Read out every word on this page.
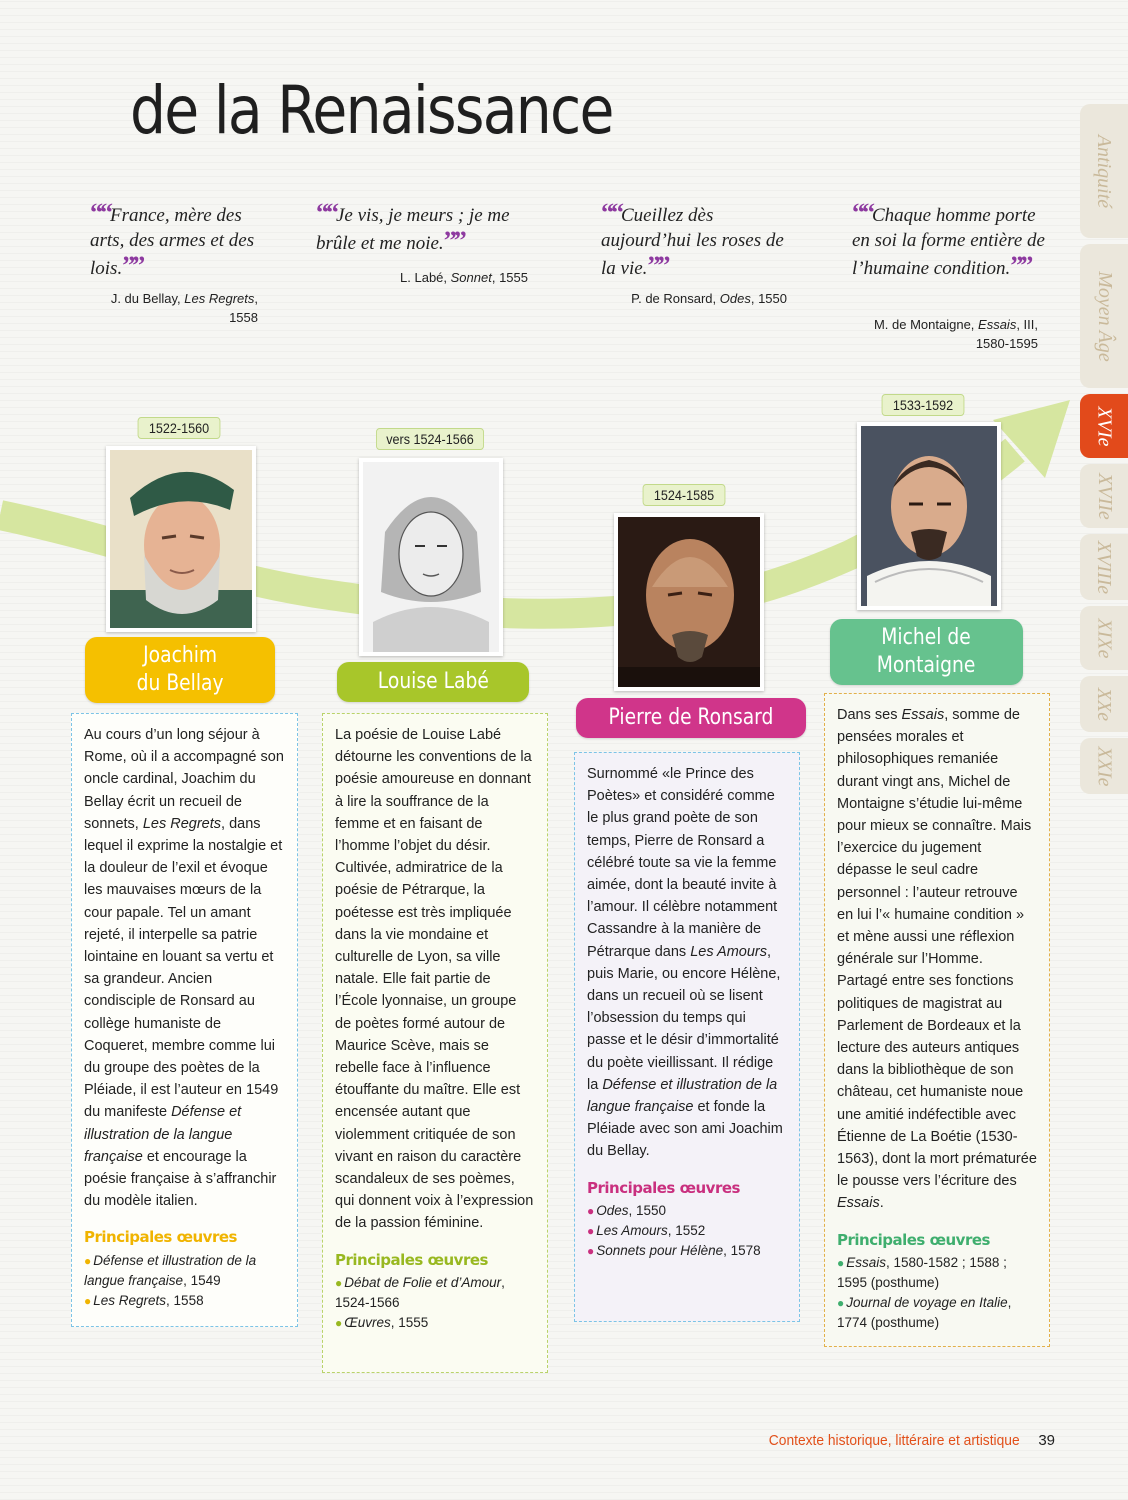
de la Renaissance
““France, mère des arts, des armes et des lois.””
J. du Bellay, Les Regrets, 1558
““Je vis, je meurs ; je me brûle et me noie.””
L. Labé, Sonnet, 1555
““Cueillez dès aujourd’hui les roses de la vie.””
P. de Ronsard, Odes, 1550
““Chaque homme porte en soi la forme entière de l’humaine condition.””
M. de Montaigne, Essais, III, 1580-1595
1522-1560
vers 1524-1566
1524-1585
1533-1592
Joachim
du Bellay	Louise Labé
Pierre de Ronsard
Michel de
Montaigne

Au cours d’un long séjour à Rome, où il a accompagné son oncle cardinal, Joachim du Bellay écrit un recueil de sonnets, Les Regrets, dans lequel il exprime la nostalgie et la douleur de l’exil et évoque les mauvaises mœurs de la cour papale. Tel un amant rejeté, il interpelle sa patrie lointaine en louant sa vertu et sa grandeur. Ancien condisciple de Ronsard au collège humaniste de Coqueret, membre comme lui du groupe des poètes de la Pléiade, il est l’auteur en 1549 du manifeste Défense et illustration de la langue française et encourage la poésie française à s’affranchir du modèle italien.

Principales œuvres
● Défense et illustration de la langue française, 1549
● Les Regrets, 1558

La poésie de Louise Labé détourne les conventions de la poésie amoureuse en donnant à lire la souffrance de la femme et en faisant de l’homme l’objet du désir. Cultivée, admiratrice de la poésie de Pétrarque, la poétesse est très impliquée dans la vie mondaine et culturelle de Lyon, sa ville natale. Elle fait partie de l’École lyonnaise, un groupe de poètes formé autour de Maurice Scève, mais se rebelle face à l’influence étouffante du maître. Elle est encensée autant que violemment critiquée de son vivant en raison du caractère scandaleux de ses poèmes, qui donnent voix à l’expression de la passion féminine.

Principales œuvres
● Débat de Folie et d’Amour, 1524-1566
● Œuvres, 1555

Surnommé «le Prince des Poètes» et considéré comme le plus grand poète de son temps, Pierre de Ronsard a célébré toute sa vie la femme aimée, dont la beauté invite à l’amour. Il célèbre notamment Cassandre à la manière de Pétrarque dans Les Amours, puis Marie, ou encore Hélène, dans un recueil où se lisent l’obsession du temps qui passe et le désir d’immortalité du poète vieillissant. Il rédige la Défense et illustration de la langue française et fonde la Pléiade avec son ami Joachim du Bellay.

Principales œuvres
● Odes, 1550
● Les Amours, 1552
● Sonnets pour Hélène, 1578

Dans ses Essais, somme de pensées morales et philosophiques remaniée durant vingt ans, Michel de Montaigne s’étudie lui-même pour mieux se connaître. Mais l’exercice du jugement dépasse le seul cadre personnel : l’auteur retrouve en lui l’« humaine condition » et mène aussi une réflexion générale sur l’Homme. Partagé entre ses fonctions politiques de magistrat au Parlement de Bordeaux et la lecture des auteurs antiques dans la bibliothèque de son château, cet humaniste noue une amitié indéfectible avec Étienne de La Boétie (1530-1563), dont la mort prématurée le pousse vers l’écriture des Essais.

Principales œuvres
● Essais, 1580-1582 ; 1588 ; 1595 (posthume)
● Journal de voyage en Italie, 1774 (posthume)
Antiquité
Moyen Âge
XVIe
XVIIe
XVIIIe
XIXe
XXe
XXIe
Contexte historique, littéraire et artistique 39
